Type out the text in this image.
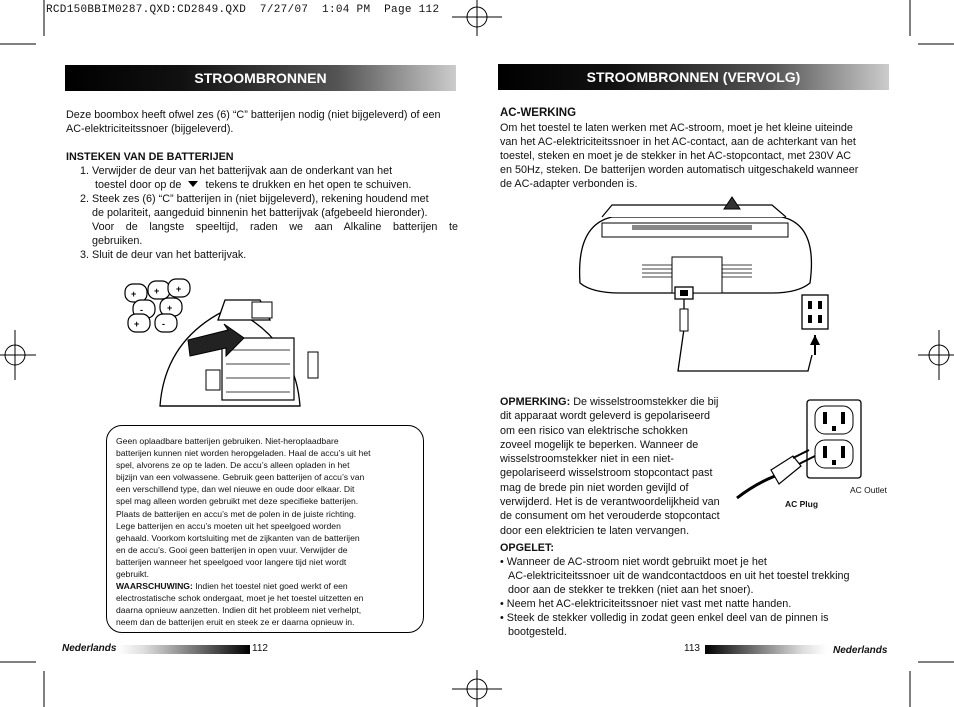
RCD150BBIM0287.QXD:CD2849.QXD  7/27/07  1:04 PM  Page 112
STROOMBRONNEN
Deze boombox heeft ofwel zes (6) “C” batterijen nodig (niet bijgeleverd) of een AC-elektriciteitssnoer (bijgeleverd).
INSTEKEN VAN DE BATTERIJEN
1. Verwijder de deur van het batterijvak aan de onderkant van het
toestel door op de tekens te drukken en het open te schuiven.
2. Steek zes (6) “C” batterijen in (niet bijgeleverd), rekening houdend met
de polariteit, aangeduid binnenin het batterijvak (afgebeeld hieronder).
Voor de langste speeltijd, raden we aan Alkaline batterijen te
gebruiken.
3. Sluit de deur van het batterijvak.
+ + +
-	+
+	-
Geen oplaadbare batterijen gebruiken. Niet-heroplaadbare
batterijen kunnen niet worden heropgeladen. Haal de accu’s uit het
spel, alvorens ze op te laden. De accu’s alleen opladen in het
bijzijn van een volwassene. Gebruik geen batterijen of accu’s van
een verschillend type, dan wel nieuwe en oude door elkaar. Dit
spel mag alleen worden gebruikt met deze specifieke batterijen.
Plaats de batterijen en accu’s met de polen in de juiste richting.
Lege batterijen en accu’s moeten uit het speelgoed worden
gehaald. Voorkom kortsluiting met de zijkanten van de batterijen
en de accu’s. Gooi geen batterijen in open vuur. Verwijder de
batterijen wanneer het speelgoed voor langere tijd niet wordt
gebruikt.
WAARSCHUWING: Indien het toestel niet goed werkt of een
electrostatische schok ondergaat, moet je het toestel uitzetten en
daarna opnieuw aanzetten. Indien dit het probleem niet verhelpt,
neem dan de batterijen eruit en steek ze er daarna opnieuw in.
Nederlands	112
STROOMBRONNEN (VERVOLG)
AC-WERKING
Om het toestel te laten werken met AC-stroom, moet je het kleine uiteinde
van het AC-elektriciteitssnoer in het AC-contact, aan de achterkant van het
toestel, steken en moet je de stekker in het AC-stopcontact, met 230V AC
en 50Hz, steken. De batterijen worden automatisch uitgeschakeld wanneer
de AC-adapter verbonden is.
OPMERKING: De wisselstroomstekker die bij
dit apparaat wordt geleverd is gepolariseerd
om een risico van elektrische schokken
zoveel mogelijk te beperken. Wanneer de
wisselstroomstekker niet in een niet-
gepolariseerd wisselstroom stopcontact past
mag de brede pin niet worden gevijld of
verwijderd. Het is de verantwoordelijkheid van
de consument om het verouderde stopcontact
door een elektricien te laten vervangen.
AC Plug
AC Outlet
OPGELET:
• Wanneer de AC-stroom niet wordt gebruikt moet je het
AC-elektriciteitssnoer uit de wandcontactdoos en uit het toestel trekking
door aan de stekker te trekken (niet aan het snoer).
• Neem het AC-elektriciteitssnoer niet vast met natte handen.
• Steek de stekker volledig in zodat geen enkel deel van de pinnen is
bootgesteld.
113	Nederlands
